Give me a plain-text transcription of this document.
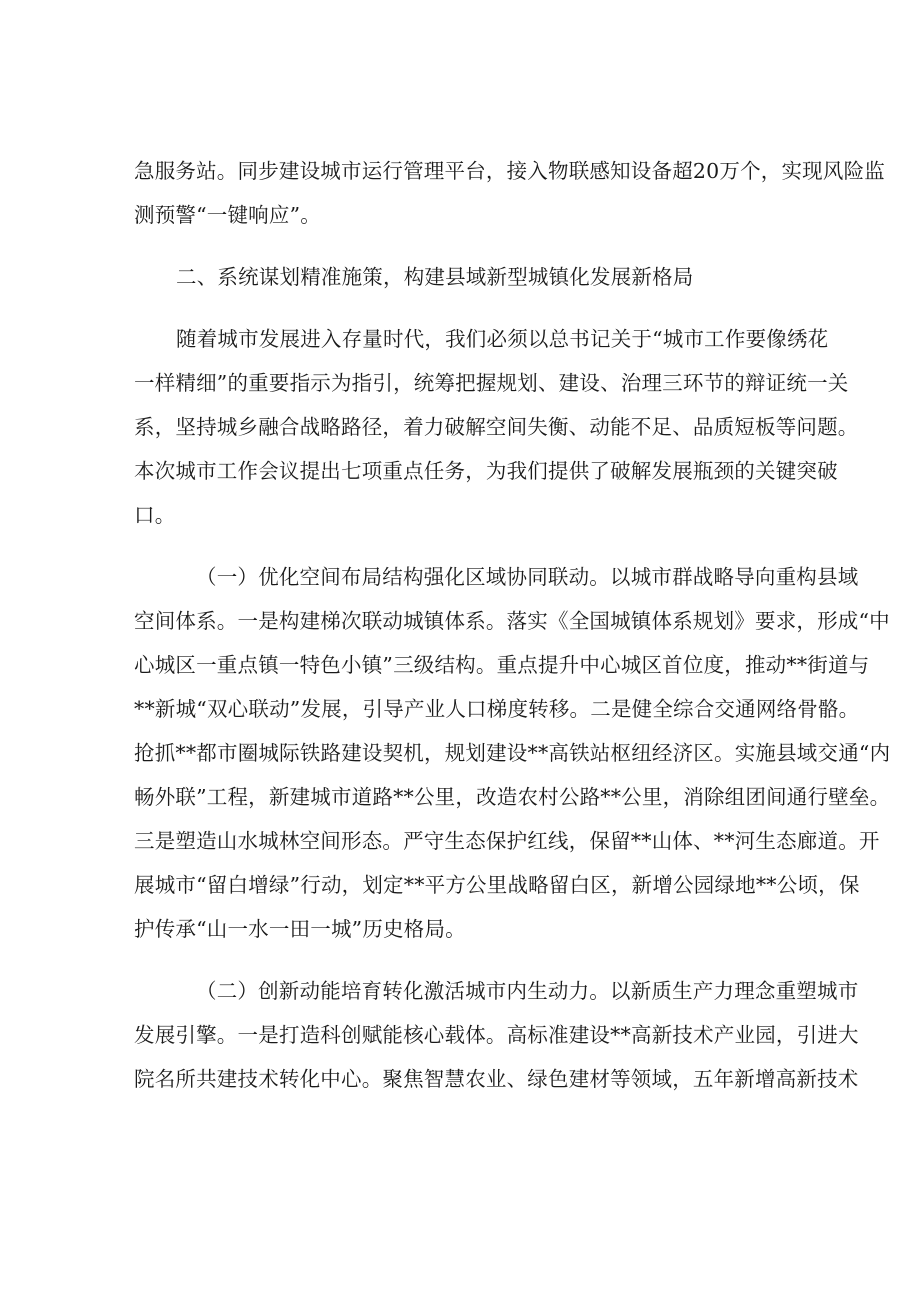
急服务站。同步建设城市运行管理平台，接入物联感知设备超20万个，实现风险监
测预警“一键响应”。
二、系统谋划精准施策，构建县域新型城镇化发展新格局
随着城市发展进入存量时代，我们必须以总书记关于“城市工作要像绣花
一样精细”的重要指示为指引，统筹把握规划、建设、治理三环节的辩证统一关
系，坚持城乡融合战略路径，着力破解空间失衡、动能不足、品质短板等问题。
本次城市工作会议提出七项重点任务，为我们提供了破解发展瓶颈的关键突破
口。
（一）优化空间布局结构强化区域协同联动。以城市群战略导向重构县域
空间体系。一是构建梯次联动城镇体系。落实《全国城镇体系规划》要求，形成“中
心城区一重点镇一特色小镇”三级结构。重点提升中心城区首位度，推动**街道与
**新城“双心联动”发展，引导产业人口梯度转移。二是健全综合交通网络骨骼。
抢抓**都市圈城际铁路建设契机，规划建设**高铁站枢纽经济区。实施县域交通“内
畅外联”工程，新建城市道路**公里，改造农村公路**公里，消除组团间通行壁垒。
三是塑造山水城林空间形态。严守生态保护红线，保留**山体、**河生态廊道。开
展城市“留白增绿”行动，划定**平方公里战略留白区，新增公园绿地**公顷，保
护传承“山一水一田一城”历史格局。
（二）创新动能培育转化激活城市内生动力。以新质生产力理念重塑城市
发展引擎。一是打造科创赋能核心载体。高标准建设**高新技术产业园，引进大
院名所共建技术转化中心。聚焦智慧农业、绿色建材等领域，五年新增高新技术
